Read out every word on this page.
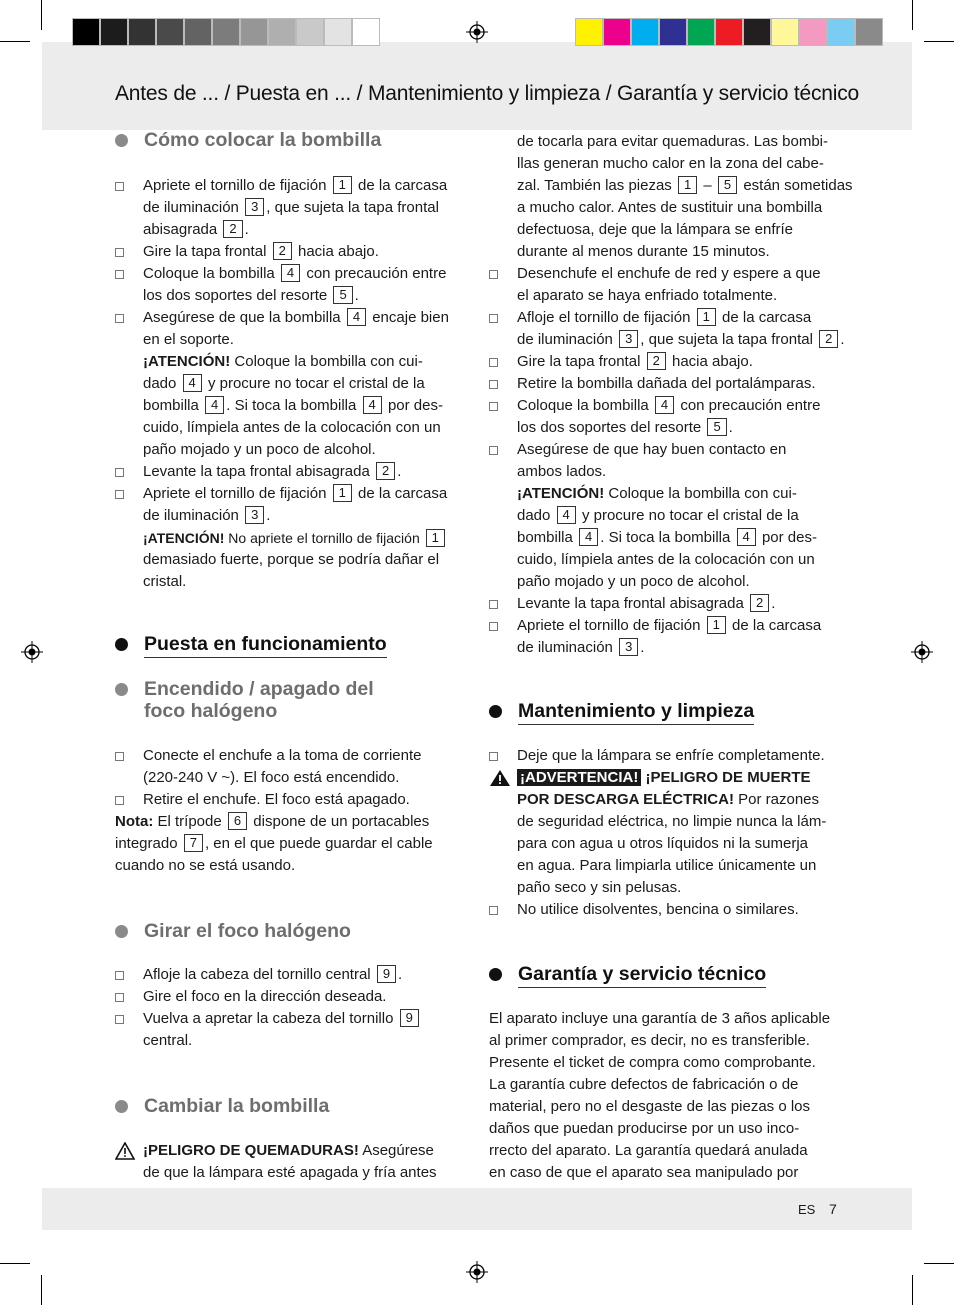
Antes de ... / Puesta en ... / Mantenimiento y limpieza / Garantía y servicio técnico
Cómo colocar la bombilla
Apriete el tornillo de fijación 1 de la carcasa
de iluminación 3 , que sujeta la tapa frontal
abisagrada 2 .
Gire la tapa frontal 2 hacia abajo.
Coloque la bombilla 4 con precaución entre
los dos soportes del resorte 5 .
Asegúrese de que la bombilla 4 encaje bien
en el soporte.
¡ATENCIÓN! Coloque la bombilla con cui-
dado 4 y procure no tocar el cristal de la
bombilla 4 . Si toca la bombilla 4 por des-
cuido, límpiela antes de la colocación con un
paño mojado y un poco de alcohol.
Levante la tapa frontal abisagrada 2 .
Apriete el tornillo de fijación 1 de la carcasa
de iluminación 3 .
¡ATENCIÓN! No apriete el tornillo de fijación 1
demasiado fuerte, porque se podría dañar el
cristal.
Puesta en funcionamiento
Encendido / apagado del
foco halógeno
Conecte el enchufe a la toma de corriente
(220-240 V ~). El foco está encendido.
Retire el enchufe. El foco está apagado.
Nota: El trípode 6 dispone de un portacables
integrado 7 , en el que puede guardar el cable
cuando no se está usando.
Girar el foco halógeno
Afloje la cabeza del tornillo central 9 .
Gire el foco en la dirección deseada.
Vuelva a apretar la cabeza del tornillo 9
central.
Cambiar la bombilla
¡PELIGRO DE QUEMADURAS! Asegúrese
de que la lámpara esté apagada y fría antes
de tocarla para evitar quemaduras. Las bombi-
llas generan mucho calor en la zona del cabe-
zal. También las piezas 1 – 5 están sometidas
a mucho calor. Antes de sustituir una bombilla
defectuosa, deje que la lámpara se enfríe
durante al menos durante 15 minutos.
Desenchufe el enchufe de red y espere a que
el aparato se haya enfriado totalmente.
Afloje el tornillo de fijación 1 de la carcasa
de iluminación 3 , que sujeta la tapa frontal 2 .
Gire la tapa frontal 2 hacia abajo.
Retire la bombilla dañada del portalámparas.
Coloque la bombilla 4 con precaución entre
los dos soportes del resorte 5 .
Asegúrese de que hay buen contacto en
ambos lados.
¡ATENCIÓN! Coloque la bombilla con cui-
dado 4 y procure no tocar el cristal de la
bombilla 4 . Si toca la bombilla 4 por des-
cuido, límpiela antes de la colocación con un
paño mojado y un poco de alcohol.
Levante la tapa frontal abisagrada 2 .
Apriete el tornillo de fijación 1 de la carcasa
de iluminación 3 .
Mantenimiento y limpieza
Deje que la lámpara se enfríe completamente.
¡ADVERTENCIA! ¡PELIGRO DE MUERTE
POR DESCARGA ELÉCTRICA! Por razones
de seguridad eléctrica, no limpie nunca la lám-
para con agua u otros líquidos ni la sumerja
en agua. Para limpiarla utilice únicamente un
paño seco y sin pelusas.
No utilice disolventes, bencina o similares.
Garantía y servicio técnico
El aparato incluye una garantía de 3 años aplicable
al primer comprador, es decir, no es transferible.
Presente el ticket de compra como comprobante.
La garantía cubre defectos de fabricación o de
material, pero no el desgaste de las piezas o los
daños que puedan producirse por un uso inco-
rrecto del aparato. La garantía quedará anulada
en caso de que el aparato sea manipulado por
ES 7
